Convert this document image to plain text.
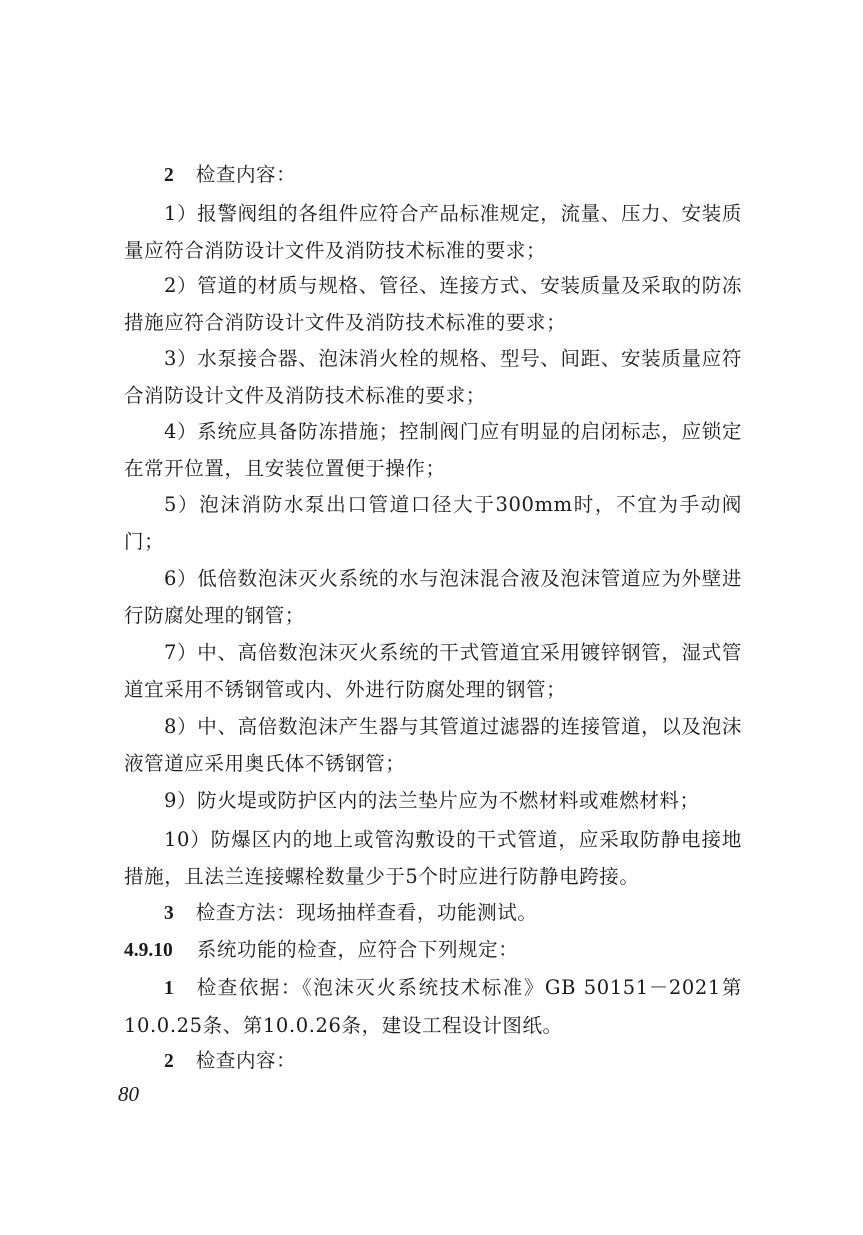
2 检查内容：
1）报警阀组的各组件应符合产品标准规定，流量、压力、安装质量应符合消防设计文件及消防技术标准的要求；
2）管道的材质与规格、管径、连接方式、安装质量及采取的防冻措施应符合消防设计文件及消防技术标准的要求；
3）水泵接合器、泡沫消火栓的规格、型号、间距、安装质量应符合消防设计文件及消防技术标准的要求；
4）系统应具备防冻措施；控制阀门应有明显的启闭标志，应锁定在常开位置，且安装位置便于操作；
5）泡沫消防水泵出口管道口径大于300mm时，不宜为手动阀门；
6）低倍数泡沫灭火系统的水与泡沫混合液及泡沫管道应为外壁进行防腐处理的钢管；
7）中、高倍数泡沫灭火系统的干式管道宜采用镀锌钢管，湿式管道宜采用不锈钢管或内、外进行防腐处理的钢管；
8）中、高倍数泡沫产生器与其管道过滤器的连接管道，以及泡沫液管道应采用奥氏体不锈钢管；
9）防火堤或防护区内的法兰垫片应为不燃材料或难燃材料；
10）防爆区内的地上或管沟敷设的干式管道，应采取防静电接地措施，且法兰连接螺栓数量少于5个时应进行防静电跨接。
3 检查方法：现场抽样查看，功能测试。
4.9.10 系统功能的检查，应符合下列规定：
1 检查依据：《泡沫灭火系统技术标准》GB 50151－2021第10.0.25条、第10.0.26条，建设工程设计图纸。
2 检查内容：
80
